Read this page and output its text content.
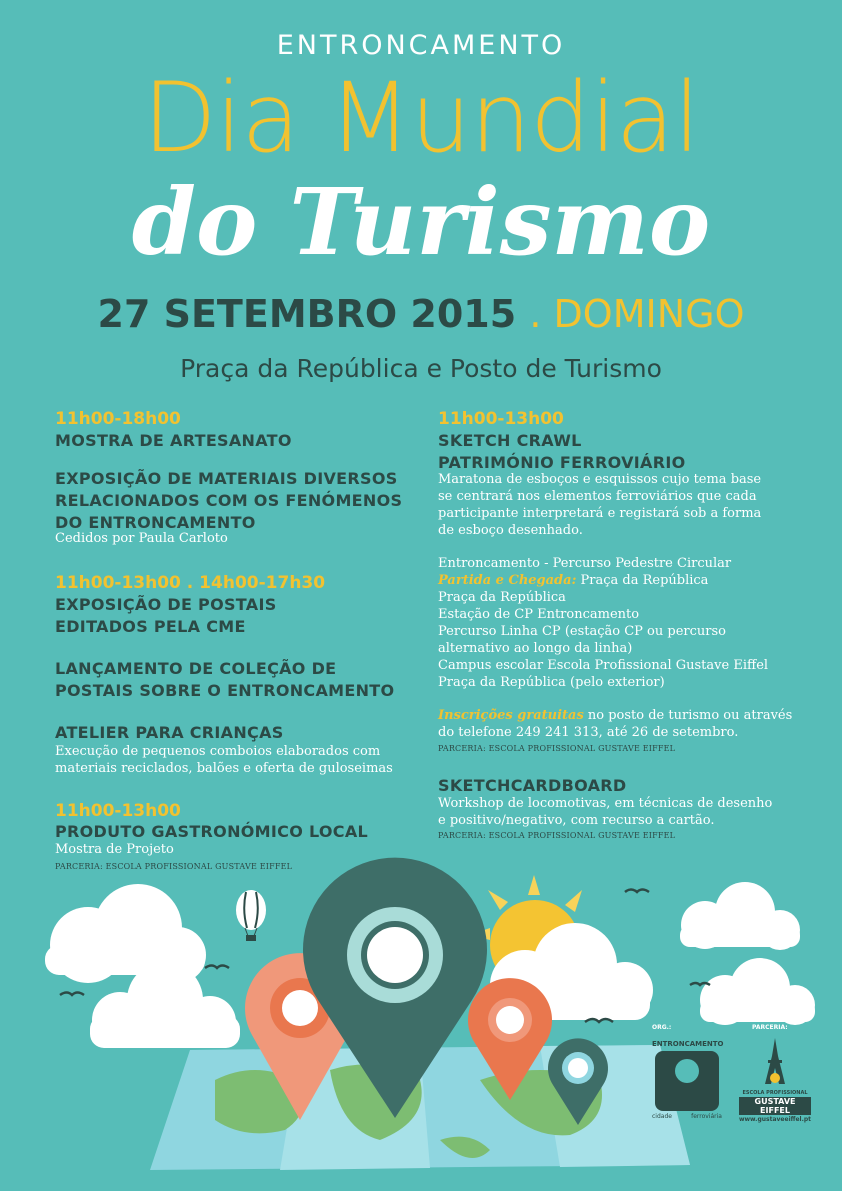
ENTRONCAMENTO
Dia Mundial
do Turismo
27 SETEMBRO 2015 . DOMINGO
Praça da República e Posto de Turismo
11h00-18h00
MOSTRA DE ARTESANATO
EXPOSIÇÃO DE MATERIAIS DIVERSOS
RELACIONADOS COM OS FENÓMENOS
DO ENTRONCAMENTO
Cedidos por Paula Carloto
11h00-13h00 . 14h00-17h30
EXPOSIÇÃO DE POSTAIS
EDITADOS PELA CME
LANÇAMENTO DE COLEÇÃO DE
POSTAIS SOBRE O ENTRONCAMENTO
ATELIER PARA CRIANÇAS
Execução de pequenos comboios elaborados com
materiais reciclados, balões e oferta de guloseimas
11h00-13h00
PRODUTO GASTRONÓMICO LOCAL
Mostra de Projeto
PARCERIA: ESCOLA PROFISSIONAL GUSTAVE EIFFEL
11h00-13h00
SKETCH CRAWL
PATRIMÓNIO FERROVIÁRIO
Maratona de esboços e esquissos cujo tema base
se centrará nos elementos ferroviários que cada
participante interpretará e registará sob a forma
de esboço desenhado.
Entroncamento - Percurso Pedestre Circular
Partida e Chegada: Praça da República
Praça da República
Estação de CP Entroncamento
Percurso Linha CP (estação CP ou percurso
alternativo ao longo da linha)
Campus escolar Escola Profissional Gustave Eiffel
Praça da República (pelo exterior)
Inscrições gratuitas no posto de turismo ou através
do telefone 249 241 313, até 26 de setembro.
PARCERIA: ESCOLA PROFISSIONAL GUSTAVE EIFFEL
SKETCHCARDBOARD
Workshop de locomotivas, em técnicas de desenho
e positivo/negativo, com recurso a cartão.
PARCERIA: ESCOLA PROFISSIONAL GUSTAVE EIFFEL
ORG.:	PARCERIA:
ENTRONCAMENTO
cidade	ferroviária
ESCOLA PROFISSIONAL
GUSTAVE EIFFEL
www.gustaveeiffel.pt
